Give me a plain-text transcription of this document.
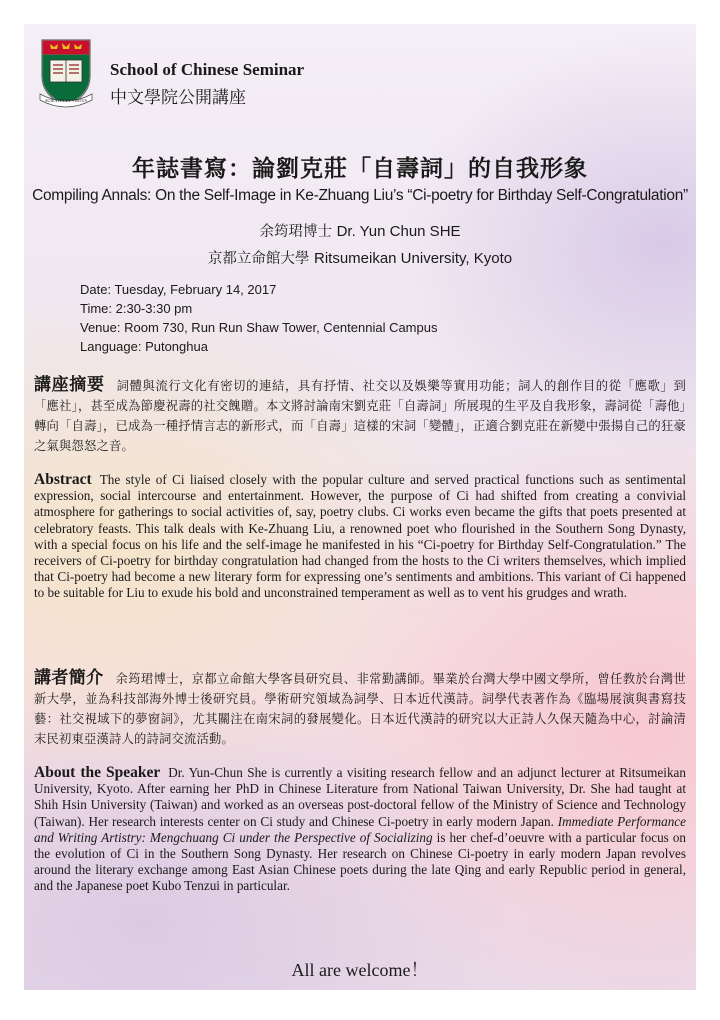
SCIENTIA ET VIRTUS
School of Chinese Seminar
中文學院公開講座
年誌書寫：論劉克莊「自壽詞」的自我形象
Compiling Annals: On the Self-Image in Ke-Zhuang Liu’s “Ci-poetry for Birthday Self-Congratulation”
余筠珺博士 Dr. Yun Chun SHE
京都立命館大學 Ritsumeikan University, Kyoto
Date: Tuesday, February 14, 2017
Time: 2:30-3:30 pm
Venue: Room 730, Run Run Shaw Tower, Centennial Campus
Language: Putonghua

講座摘要 詞體與流行文化有密切的連結，具有抒情、社交以及娛樂等實用功能；詞人的創作目的從「應歌」到「應社」，甚至成為節慶祝壽的社交餽贈。本文將討論南宋劉克莊「自壽詞」所展現的生平及自我形象，壽詞從「壽他」轉向「自壽」，已成為一種抒情言志的新形式，而「自壽」這樣的宋詞「變體」，正適合劉克莊在新變中張揚自己的狂豪之氣與怨怒之音。

Abstract The style of Ci liaised closely with the popular culture and served practical functions such as sentimental expression, social intercourse and entertainment. However, the purpose of Ci had shifted from creating a convivial atmosphere for gatherings to social activities of, say, poetry clubs. Ci works even became the gifts that poets presented at celebratory feasts. This talk deals with Ke-Zhuang Liu, a renowned poet who flourished in the Southern Song Dynasty, with a special focus on his life and the self-image he manifested in his “Ci-poetry for Birthday Self-Congratulation.” The receivers of Ci-poetry for birthday congratulation had changed from the hosts to the Ci writers themselves, which implied that Ci-poetry had become a new literary form for expressing one’s sentiments and ambitions. This variant of Ci happened to be suitable for Liu to exude his bold and unconstrained temperament as well as to vent his grudges and wrath.

講者簡介 余筠珺博士，京都立命館大學客員研究員、非常勤講師。畢業於台灣大學中國文學所，曾任教於台灣世新大學，並為科技部海外博士後研究員。學術研究領域為詞學、日本近代漢詩。詞學代表著作為《臨場展演與書寫技藝：社交視域下的夢窗詞》，尤其關注在南宋詞的發展變化。日本近代漢詩的研究以大正詩人久保天隨為中心，討論清末民初東亞漢詩人的詩詞交流活動。

About the Speaker Dr. Yun-Chun She is currently a visiting research fellow and an adjunct lecturer at Ritsumeikan University, Kyoto. After earning her PhD in Chinese Literature from National Taiwan University, Dr. She had taught at Shih Hsin University (Taiwan) and worked as an overseas post-doctoral fellow of the Ministry of Science and Technology (Taiwan). Her research interests center on Ci study and Chinese Ci-poetry in early modern Japan. Immediate Performance and Writing Artistry: Mengchuang Ci under the Perspective of Socializing is her chef-d’oeuvre with a particular focus on the evolution of Ci in the Southern Song Dynasty. Her research on Chinese Ci-poetry in early modern Japan revolves around the literary exchange among East Asian Chinese poets during the late Qing and early Republic period in general, and the Japanese poet Kubo Tenzui in particular.

All are welcome！
